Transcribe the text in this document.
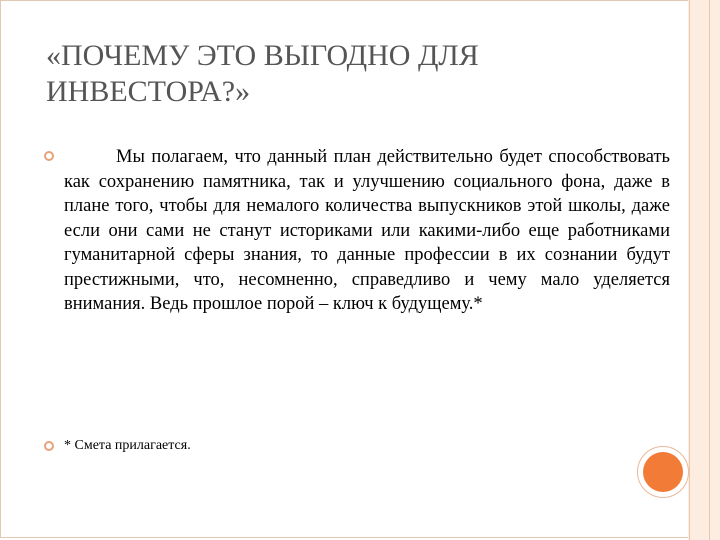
«ПОЧЕМУ ЭТО ВЫГОДНО ДЛЯ ИНВЕСТОРА?»

Мы полагаем, что данный план действительно будет способствовать как сохранению памятника, так и улучшению социального фона, даже в плане того, чтобы для немалого количества выпускников этой школы, даже если они сами не станут историками или какими-либо еще работниками гуманитарной сферы знания, то данные профессии в их сознании будут престижными, что, несомненно, справедливо и чему мало уделяется внимания. Ведь прошлое порой – ключ к будущему.*

* Смета прилагается.
